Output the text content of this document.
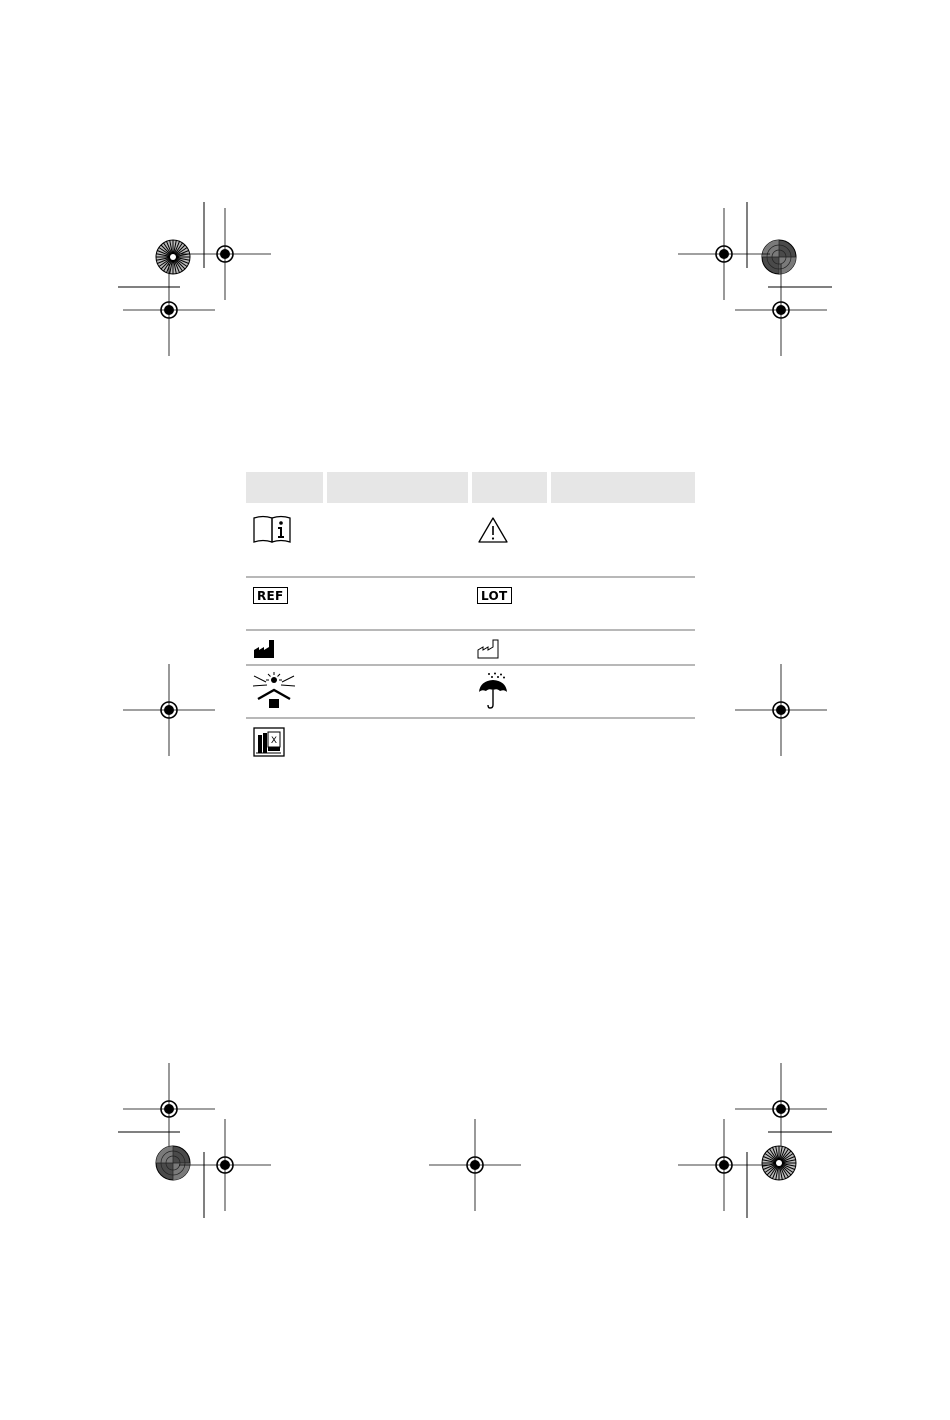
REF	LOT
X
